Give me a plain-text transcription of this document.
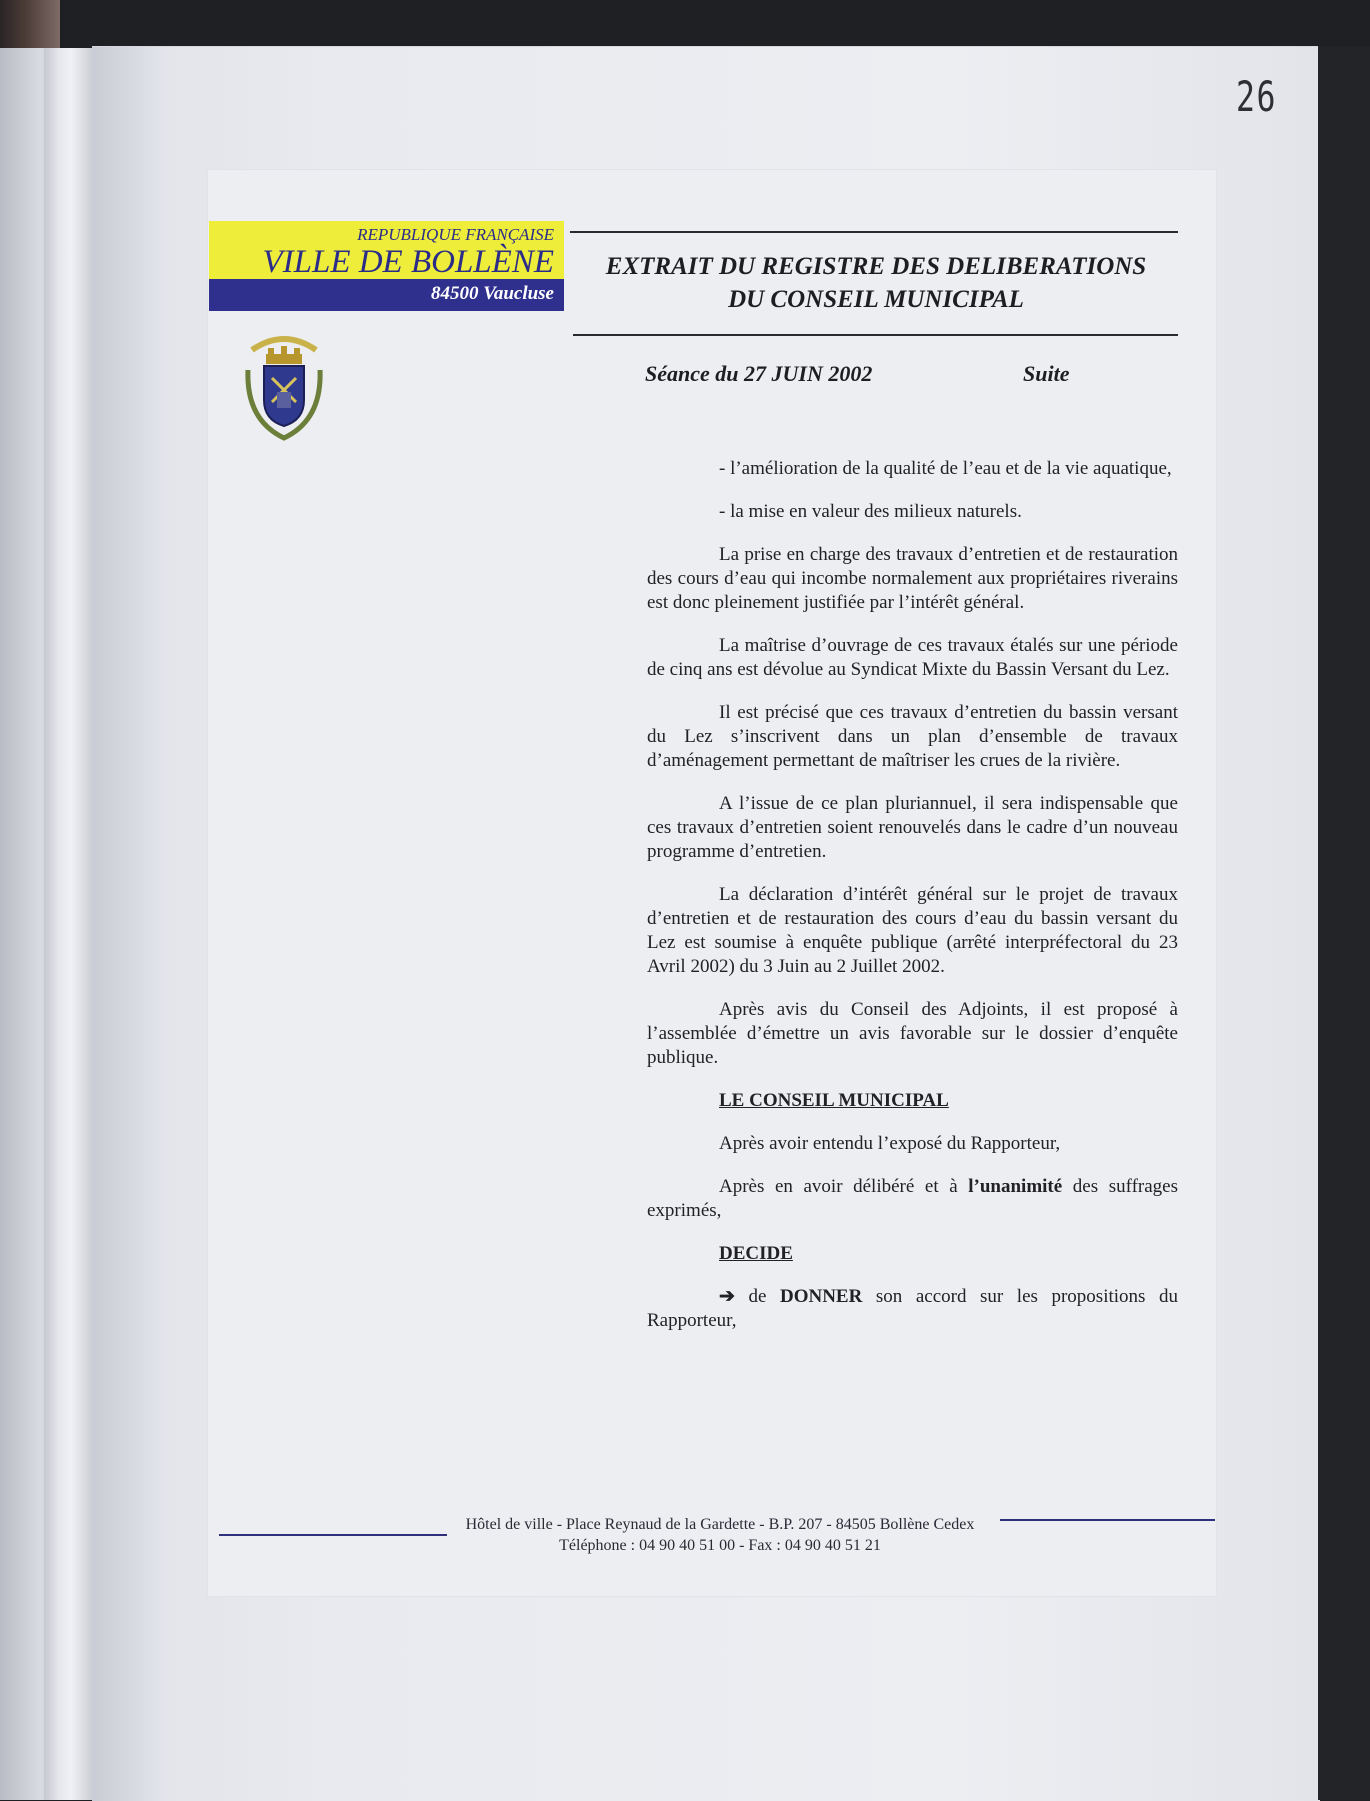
26
REPUBLIQUE FRANÇAISE
VILLE DE BOLLÈNE
84500 Vaucluse
EXTRAIT DU REGISTRE DES DELIBERATIONS
DU CONSEIL MUNICIPAL
Séance du 27 JUIN 2002	Suite

- l’amélioration de la qualité de l’eau et de la vie aquatique,

- la mise en valeur des milieux naturels.

La prise en charge des travaux d’entretien et de restauration des cours d’eau qui incombe normalement aux propriétaires riverains est donc pleinement justifiée par l’intérêt général.

La maîtrise d’ouvrage de ces travaux étalés sur une période de cinq ans est dévolue au Syndicat Mixte du Bassin Versant du Lez.

Il est précisé que ces travaux d’entretien du bassin versant du Lez s’inscrivent dans un plan d’ensemble de travaux d’aménagement permettant de maîtriser les crues de la rivière.

A l’issue de ce plan pluriannuel, il sera indispensable que ces travaux d’entretien soient renouvelés dans le cadre d’un nouveau programme d’entretien.

La déclaration d’intérêt général sur le projet de travaux d’entretien et de restauration des cours d’eau du bassin versant du Lez est soumise à enquête publique (arrêté interpréfectoral du 23 Avril 2002) du 3 Juin au 2 Juillet 2002.

Après avis du Conseil des Adjoints, il est proposé à l’assemblée d’émettre un avis favorable sur le dossier d’enquête publique.

LE CONSEIL MUNICIPAL

Après avoir entendu l’exposé du Rapporteur,

Après en avoir délibéré et à l’unanimité des suffrages exprimés,

DECIDE

➔ de DONNER son accord sur les propositions du Rapporteur,

Hôtel de ville - Place Reynaud de la Gardette - B.P. 207 - 84505 Bollène Cedex
Téléphone : 04 90 40 51 00 - Fax : 04 90 40 51 21
